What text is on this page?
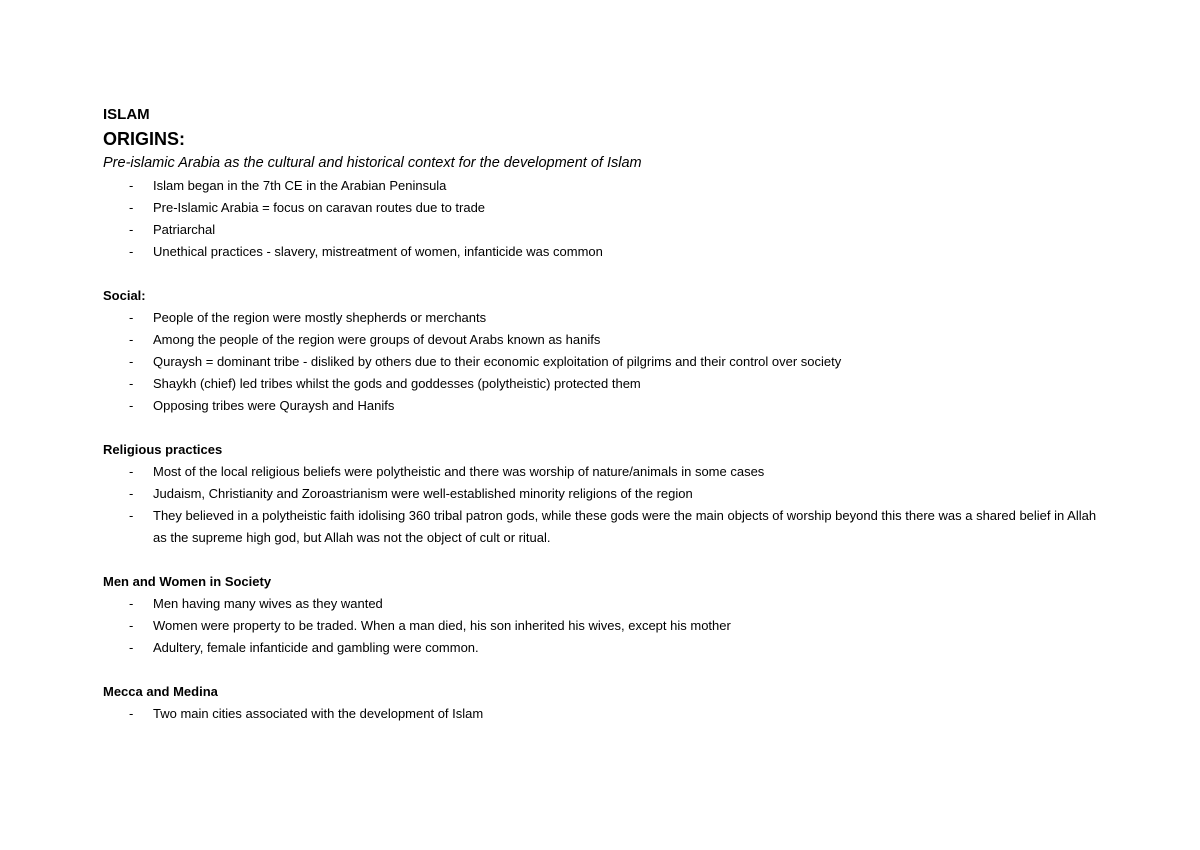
ISLAM

ORIGINS:

Pre-islamic Arabia as the cultural and historical context for the development of Islam

- Islam began in the 7th CE in the Arabian Peninsula
- Pre-Islamic Arabia = focus on caravan routes due to trade
- Patriarchal
- Unethical practices - slavery, mistreatment of women, infanticide was common

Social:

- People of the region were mostly shepherds or merchants
- Among the people of the region were groups of devout Arabs known as hanifs
- Quraysh = dominant tribe - disliked by others due to their economic exploitation of pilgrims and their control over society
- Shaykh (chief) led tribes whilst the gods and goddesses (polytheistic) protected them
- Opposing tribes were Quraysh and Hanifs

Religious practices

- Most of the local religious beliefs were polytheistic and there was worship of nature/animals in some cases
- Judaism, Christianity and Zoroastrianism were well-established minority religions of the region
- They believed in a polytheistic faith idolising 360 tribal patron gods, while these gods were the main objects of worship beyond this there was a shared belief in Allah as the supreme high god, but Allah was not the object of cult or ritual.

Men and Women in Society

- Men having many wives as they wanted
- Women were property to be traded. When a man died, his son inherited his wives, except his mother
- Adultery, female infanticide and gambling were common.

Mecca and Medina

- Two main cities associated with the development of Islam
